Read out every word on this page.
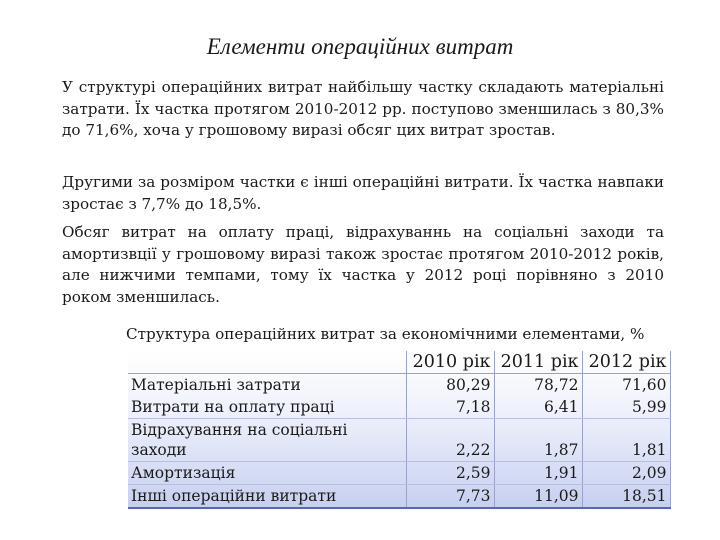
Елементи операційних витрат

У структурі операційних витрат найбільшу частку складають матеріальні затрати. Їх частка протягом 2010-2012 рр. поступово зменшилась з 80,3% до 71,6%, хоча у грошовому виразі обсяг цих витрат зростав.

Другими за розміром частки є інші операційні витрати. Їх частка навпаки зростає з 7,7% до 18,5%.

Обсяг витрат на оплату праці, відрахуваннь на соціальні заходи та амортизвції у грошовому виразі також зростає протягом 2010-2012 років, але нижчими темпами, тому їх частка у 2012 році порівняно з 2010 роком зменшилась.

Структура операційних витрат за економічними елементами, %
	2010 рік	2011 рік	2012 рік
Матеріальні затрати	80,29	78,72	71,60
Витрати на оплату праці	7,18	6,41	5,99
Відрахування на соціальні заходи	2,22	1,87	1,81
Амортизація	2,59	1,91	2,09
Інші операційни витрати	7,73	11,09	18,51
